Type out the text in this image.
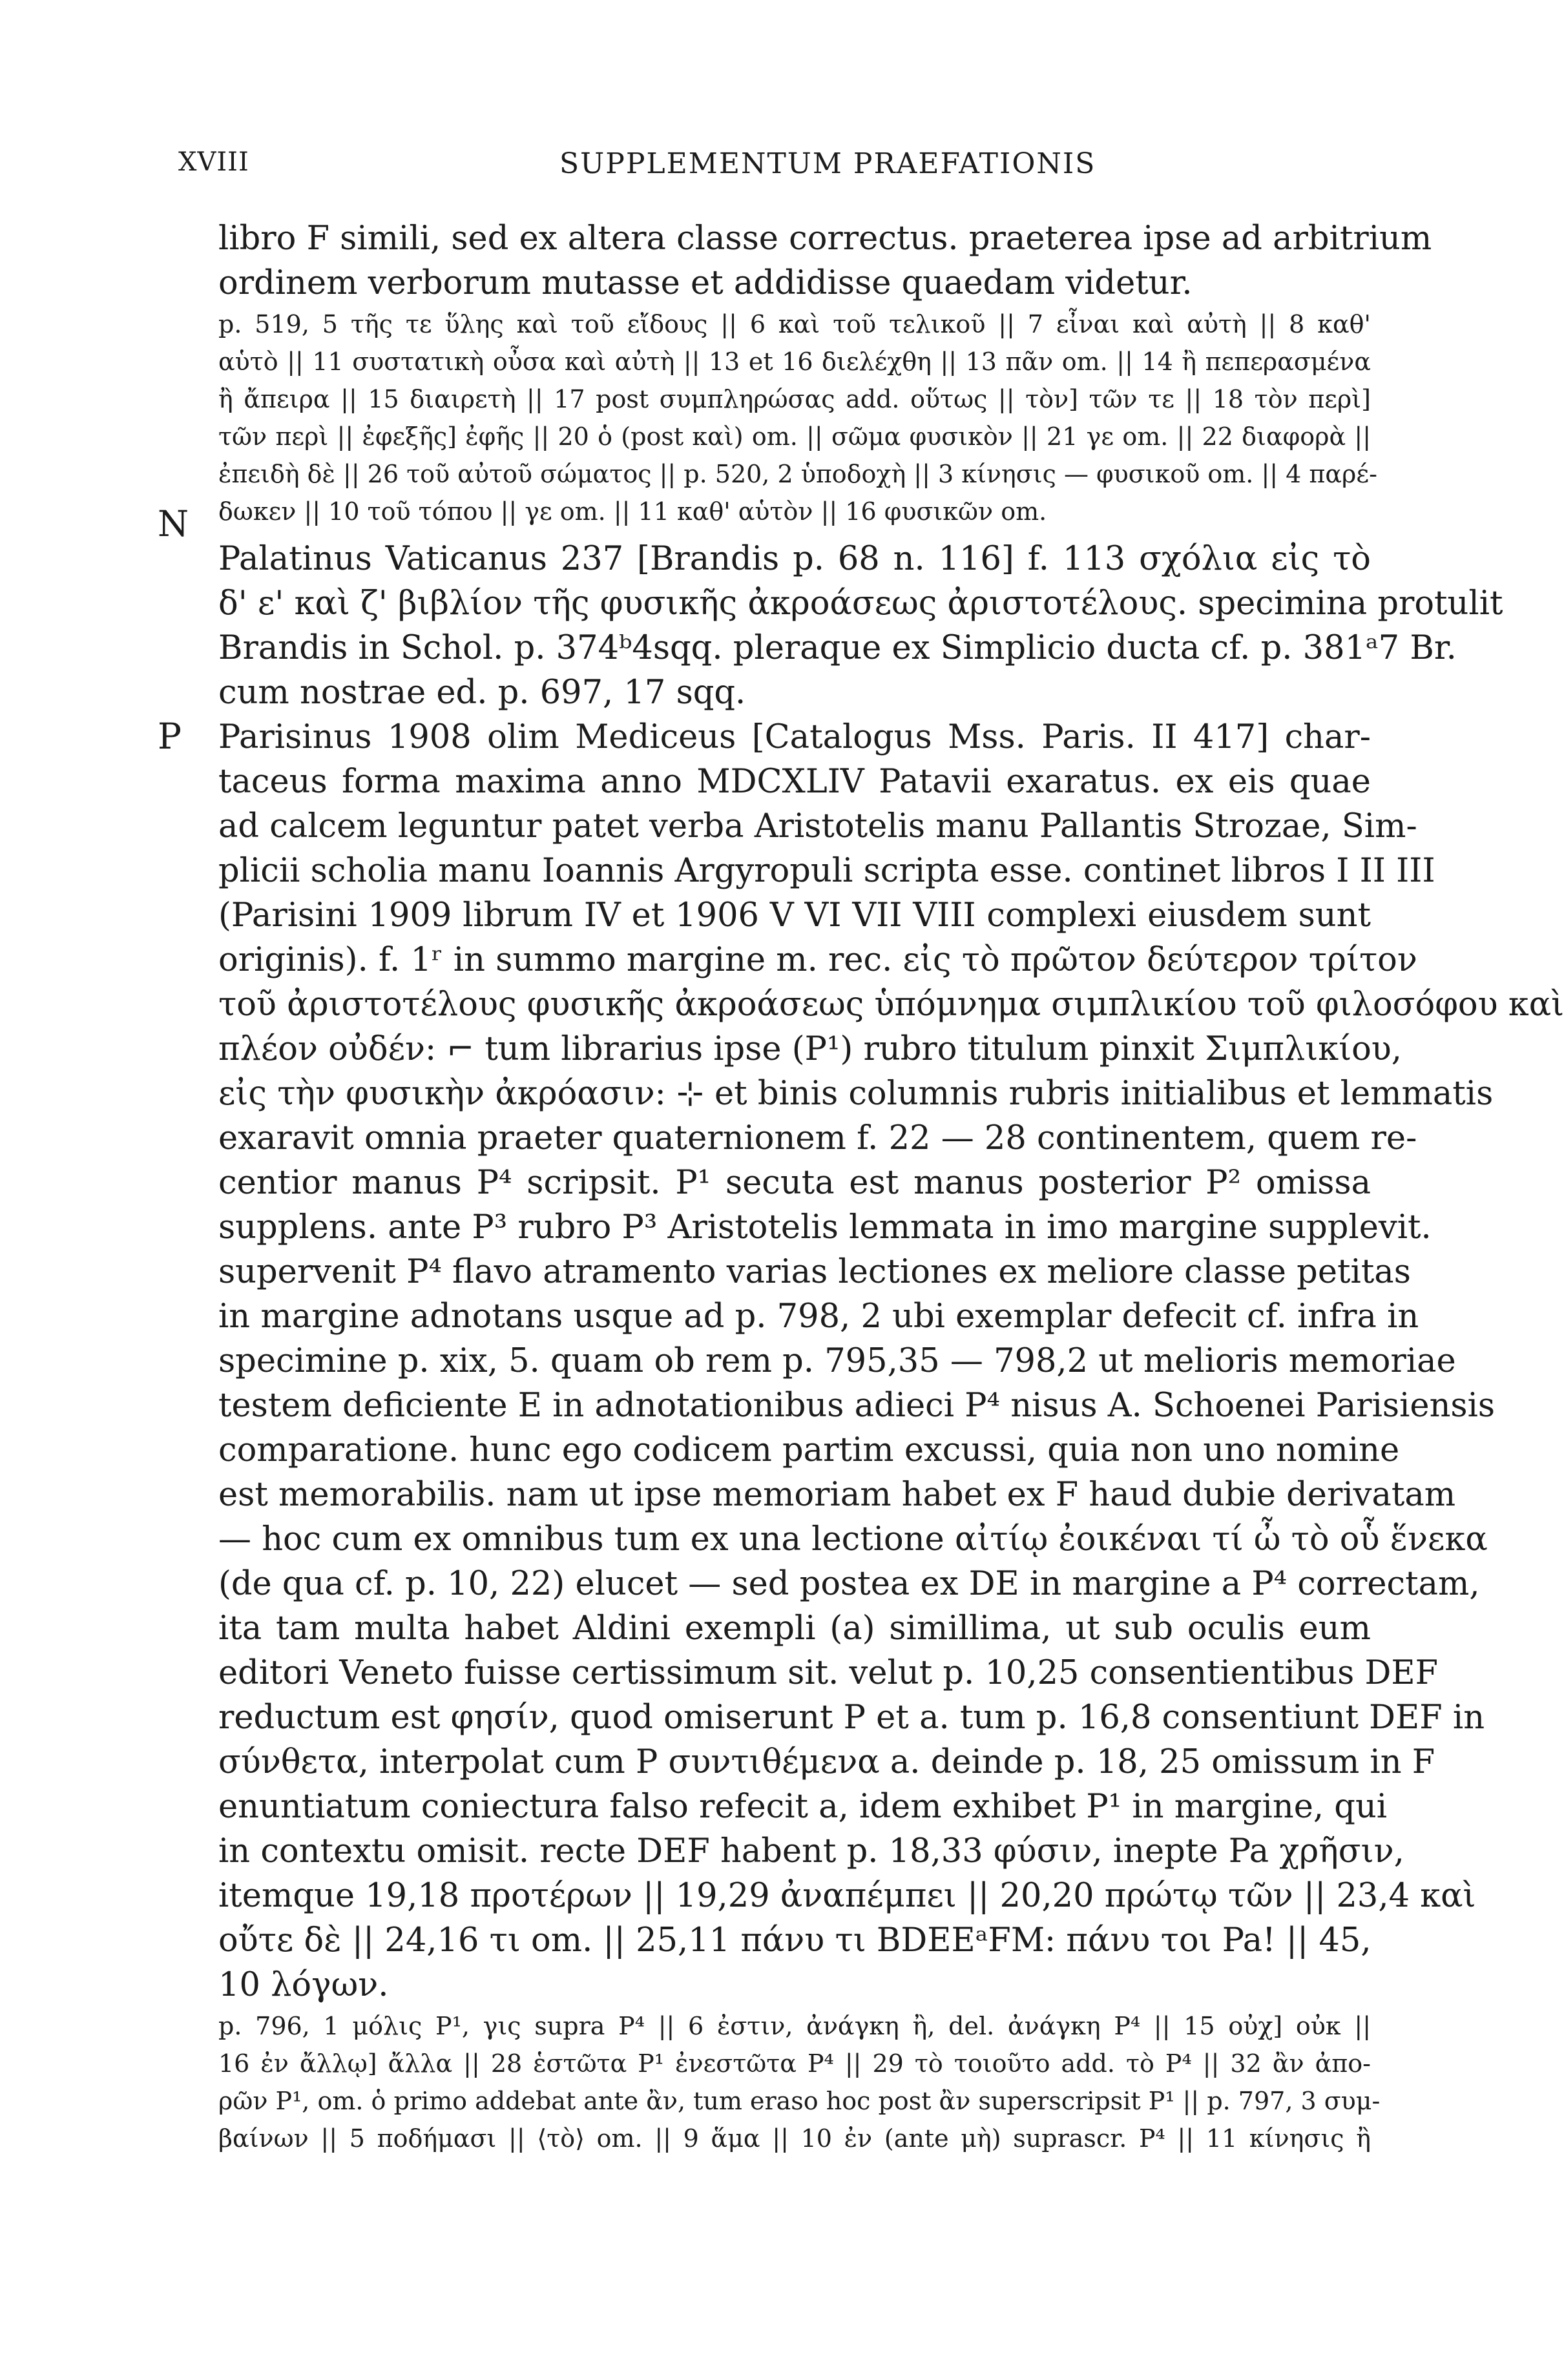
XVIII	SUPPLEMENTUM PRAEFATIONIS
N
P
libro F simili, sed ex altera classe correctus. praeterea ipse ad arbitrium
ordinem verborum mutasse et addidisse quaedam videtur.
p. 519, 5 τῆς τε ὕλης καὶ τοῦ εἴδους || 6 καὶ τοῦ τελικοῦ || 7 εἶναι καὶ αὐτὴ || 8 καθ'
αὑτὸ || 11 συστατικὴ οὖσα καὶ αὐτὴ || 13 et 16 διελέχθη || 13 πᾶν om. || 14 ἢ πεπερασμένα
ἢ ἄπειρα || 15 διαιρετὴ || 17 post συμπληρώσας add. οὕτως || τὸν] τῶν τε || 18 τὸν περὶ]
τῶν περὶ || ἐφεξῆς] ἐφῆς || 20 ὁ (post καὶ) om. || σῶμα φυσικὸν || 21 γε om. || 22 διαφορὰ ||
ἐπειδὴ δὲ || 26 τοῦ αὐτοῦ σώματος || p. 520, 2 ὑποδοχὴ || 3 κίνησις — φυσικοῦ om. || 4 παρέ-
δωκεν || 10 τοῦ τόπου || γε om. || 11 καθ' αὑτὸν || 16 φυσικῶν om.
Palatinus Vaticanus 237 [Brandis p. 68 n. 116] f. 113 σχόλια εἰς τὸ
δ' ε' καὶ ζ' βιβλίον τῆς φυσικῆς ἀκροάσεως ἀριστοτέλους. specimina protulit
Brandis in Schol. p. 374ᵇ4sqq. pleraque ex Simplicio ducta cf. p. 381ᵃ7 Br.
cum nostrae ed. p. 697, 17 sqq.
Parisinus 1908 olim Mediceus [Catalogus Mss. Paris. II 417] char-
taceus forma maxima anno MDCXLIV Patavii exaratus. ex eis quae
ad calcem leguntur patet verba Aristotelis manu Pallantis Strozae, Sim-
plicii scholia manu Ioannis Argyropuli scripta esse. continet libros I II III
(Parisini 1909 librum IV et 1906 V VI VII VIII complexi eiusdem sunt
originis). f. 1ʳ in summo margine m. rec. εἰς τὸ πρῶτον δεύτερον τρίτον
τοῦ ἀριστοτέλους φυσικῆς ἀκροάσεως ὑπόμνημα σιμπλικίου τοῦ φιλοσόφου καὶ
πλέον οὐδέν: ⌐ tum librarius ipse (P¹) rubro titulum pinxit Σιμπλικίου,
εἰς τὴν φυσικὴν ἀκρόασιν: ⊹ et binis columnis rubris initialibus et lemmatis
exaravit omnia praeter quaternionem f. 22 — 28 continentem, quem re-
centior manus P⁴ scripsit. P¹ secuta est manus posterior P² omissa
supplens. ante P³ rubro P³ Aristotelis lemmata in imo margine supplevit.
supervenit P⁴ flavo atramento varias lectiones ex meliore classe petitas
in margine adnotans usque ad p. 798, 2 ubi exemplar defecit cf. infra in
specimine p. xix, 5. quam ob rem p. 795,35 — 798,2 ut melioris memoriae
testem deficiente E in adnotationibus adieci P⁴ nisus A. Schoenei Parisiensis
comparatione. hunc ego codicem partim excussi, quia non uno nomine
est memorabilis. nam ut ipse memoriam habet ex F haud dubie derivatam
— hoc cum ex omnibus tum ex una lectione αἰτίῳ ἐοικέναι τί ὦ τὸ οὗ ἕνεκα
(de qua cf. p. 10, 22) elucet — sed postea ex DE in margine a P⁴ correctam,
ita tam multa habet Aldini exempli (a) simillima, ut sub oculis eum
editori Veneto fuisse certissimum sit. velut p. 10,25 consentientibus DEF
reductum est φησίν, quod omiserunt P et a. tum p. 16,8 consentiunt DEF in
σύνθετα, interpolat cum P συντιθέμενα a. deinde p. 18, 25 omissum in F
enuntiatum coniectura falso refecit a, idem exhibet P¹ in margine, qui
in contextu omisit. recte DEF habent p. 18,33 φύσιν, inepte Pa χρῆσιν,
itemque 19,18 προτέρων || 19,29 ἀναπέμπει || 20,20 πρώτῳ τῶν || 23,4 καὶ
οὔτε δὲ || 24,16 τι om. || 25,11 πάνυ τι BDEEᵃFM: πάνυ τοι Pa! || 45,
10 λόγων.
p. 796, 1 μόλις P¹, γις supra P⁴ || 6 ἐστιν, ἀνάγκη ἢ, del. ἀνάγκη P⁴ || 15 οὐχ] οὐκ ||
16 ἐν ἄλλῳ] ἄλλα || 28 ἑστῶτα P¹ ἐνεστῶτα P⁴ || 29 τὸ τοιοῦτο add. τὸ P⁴ || 32 ἂν ἀπο-
ρῶν P¹, om. ὁ primo addebat ante ἂν, tum eraso hoc post ἂν superscripsit P¹ || p. 797, 3 συμ-
βαίνων || 5 ποδήμασι || ⟨τὸ⟩ om. || 9 ἅμα || 10 ἐν (ante μὴ) suprascr. P⁴ || 11 κίνησις ἢ
